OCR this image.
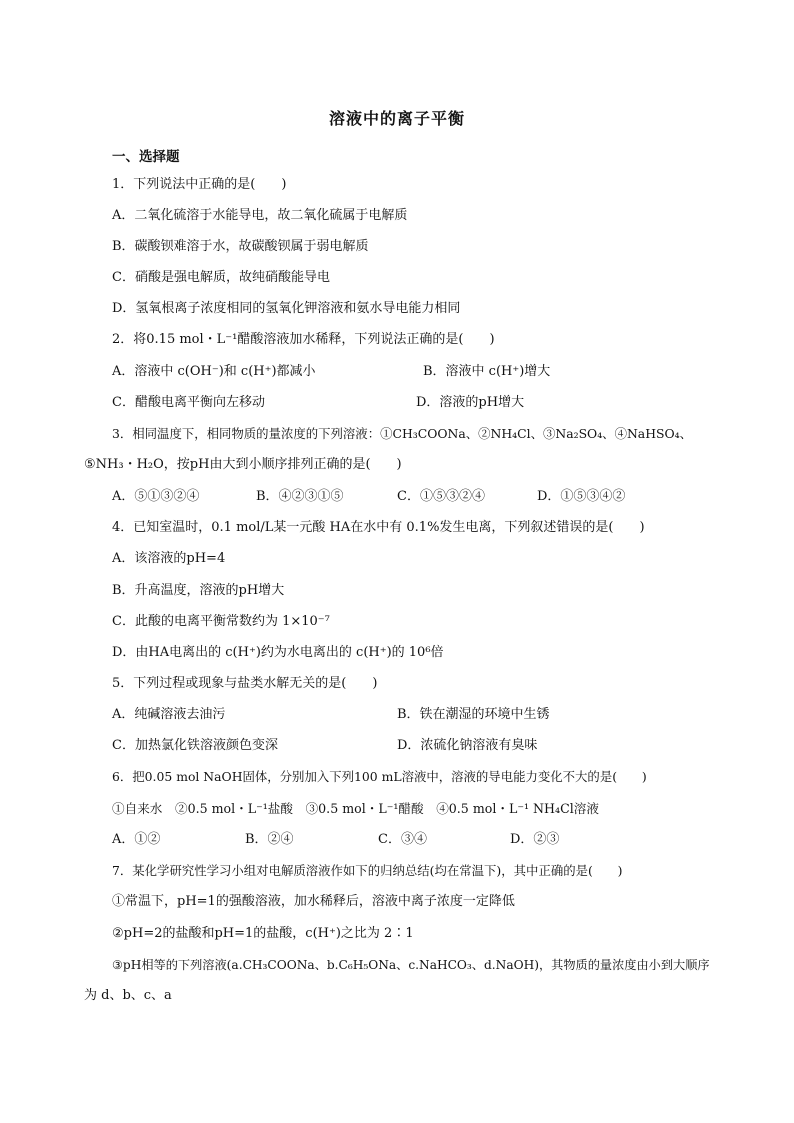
溶液中的离子平衡
一、选择题
1．下列说法中正确的是(　　)
A．二氧化硫溶于水能导电，故二氧化硫属于电解质
B．碳酸钡难溶于水，故碳酸钡属于弱电解质
C．硝酸是强电解质，故纯硝酸能导电
D．氢氧根离子浓度相同的氢氧化钾溶液和氨水导电能力相同
2．将0.15 mol・L⁻¹醋酸溶液加水稀释，下列说法正确的是(　　)
A．溶液中 c(OH⁻)和 c(H⁺)都减小	B．溶液中 c(H⁺)增大
C．醋酸电离平衡向左移动	D．溶液的pH增大
3．相同温度下，相同物质的量浓度的下列溶液：①CH₃COONa、②NH₄Cl、③Na₂SO₄、④NaHSO₄、
⑤NH₃・H₂O，按pH由大到小顺序排列正确的是(　　)
A．⑤①③②④	B．④②③①⑤	C．①⑤③②④	D．①⑤③④②
4．已知室温时，0.1 mol/L某一元酸 HA在水中有 0.1%发生电离，下列叙述错误的是(　　)
A．该溶液的pH=4
B．升高温度，溶液的pH增大
C．此酸的电离平衡常数约为 1×10⁻⁷
D．由HA电离出的 c(H⁺)约为水电离出的 c(H⁺)的 10⁶倍
5．下列过程或现象与盐类水解无关的是(　　)
A．纯碱溶液去油污	B．铁在潮湿的环境中生锈
C．加热氯化铁溶液颜色变深	D．浓硫化钠溶液有臭味
6．把0.05 mol NaOH固体，分别加入下列100 mL溶液中，溶液的导电能力变化不大的是(　　)
①自来水　②0.5 mol・L⁻¹盐酸　③0.5 mol・L⁻¹醋酸　④0.5 mol・L⁻¹ NH₄Cl溶液
A．①②	B．②④	C．③④	D．②③
7．某化学研究性学习小组对电解质溶液作如下的归纳总结(均在常温下)，其中正确的是(　　)
①常温下，pH=1的强酸溶液，加水稀释后，溶液中离子浓度一定降低
②pH=2的盐酸和pH=1的盐酸，c(H⁺)之比为 2∶1
③pH相等的下列溶液(a.CH₃COONa、b.C₆H₅ONa、c.NaHCO₃、d.NaOH)，其物质的量浓度由小到大顺序
为 d、b、c、a
